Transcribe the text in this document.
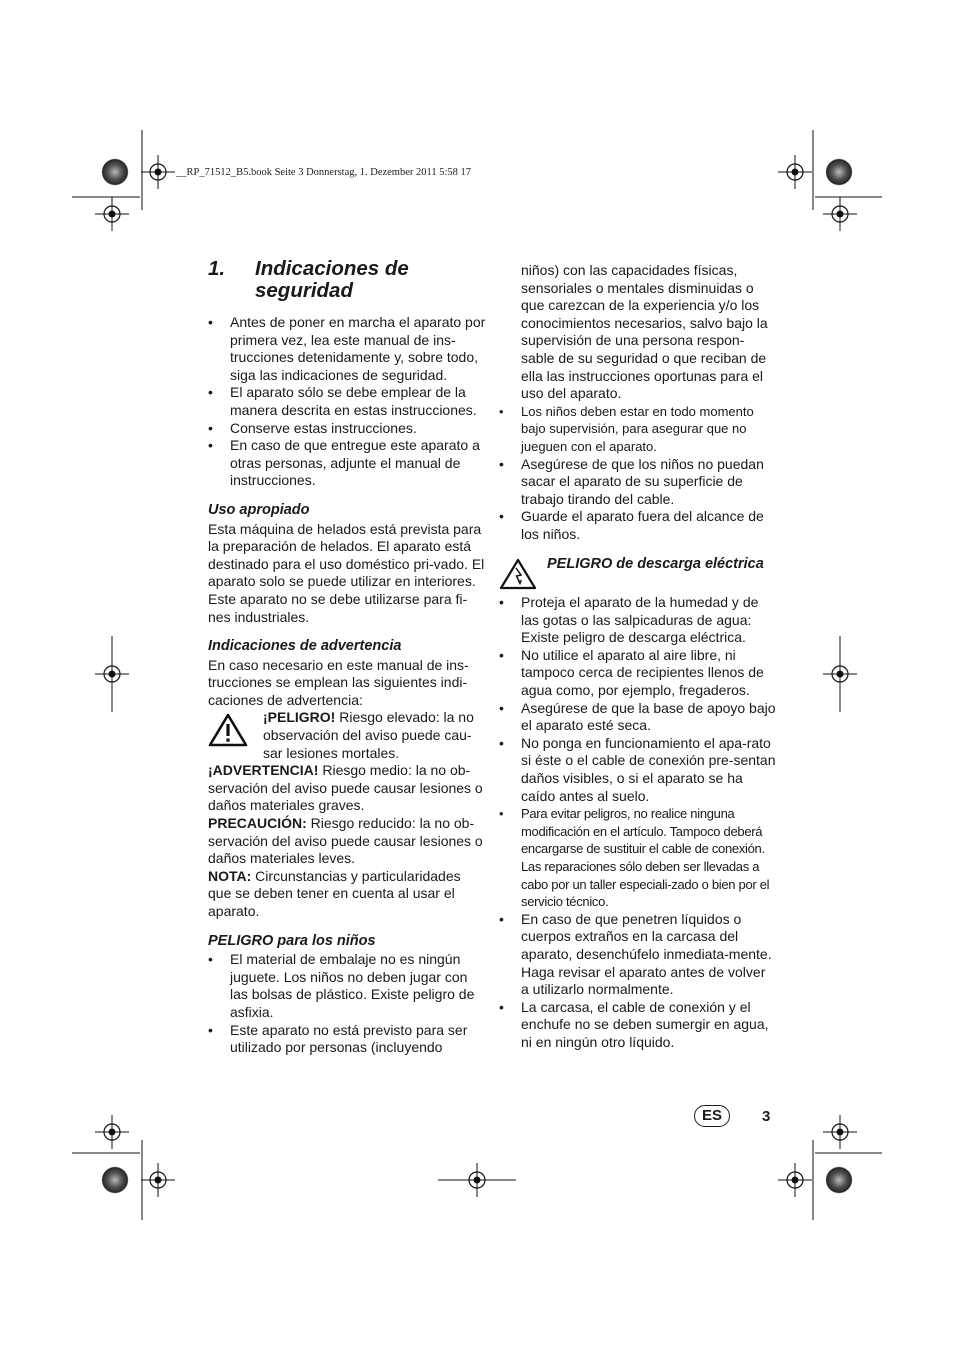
__RP_71512_B5.book Seite 3 Donnerstag, 1. Dezember 2011 5:58 17
1.	Indicaciones de seguridad
• Antes de poner en marcha el aparato por primera vez, lea este manual de ins-trucciones detenidamente y, sobre todo, siga las indicaciones de seguridad.
• El aparato sólo se debe emplear de la manera descrita en estas instrucciones.
• Conserve estas instrucciones.
• En caso de que entregue este aparato a otras personas, adjunte el manual de instrucciones.
Uso apropiado

Esta máquina de helados está prevista para la preparación de helados. El aparato está destinado para el uso doméstico pri-vado. El aparato solo se puede utilizar en interiores.

Este aparato no se debe utilizarse para fi-nes industriales.

Indicaciones de advertencia

En caso necesario en este manual de ins-trucciones se emplean las siguientes indi-caciones de advertencia:

¡PELIGRO! Riesgo elevado: la no observación del aviso puede cau-sar lesiones mortales.

¡ADVERTENCIA! Riesgo medio: la no ob-servación del aviso puede causar lesiones o daños materiales graves.

PRECAUCIÓN: Riesgo reducido: la no ob-servación del aviso puede causar lesiones o daños materiales leves.

NOTA: Circunstancias y particularidades que se deben tener en cuenta al usar el aparato.

PELIGRO para los niños
• El material de embalaje no es ningún juguete. Los niños no deben jugar con las bolsas de plástico. Existe peligro de asfixia.
• Este aparato no está previsto para ser utilizado por personas (incluyendo

niños) con las capacidades físicas, sensoriales o mentales disminuidas o que carezcan de la experiencia y/o los conocimientos necesarios, salvo bajo la supervisión de una persona respon-sable de su seguridad o que reciban de ella las instrucciones oportunas para el uso del aparato.

• Los niños deben estar en todo momento bajo supervisión, para asegurar que no jueguen con el aparato.
• Asegúrese de que los niños no puedan sacar el aparato de su superficie de trabajo tirando del cable.
• Guarde el aparato fuera del alcance de los niños.
PELIGRO de descarga eléctrica
• Proteja el aparato de la humedad y de las gotas o las salpicaduras de agua: Existe peligro de descarga eléctrica.
• No utilice el aparato al aire libre, ni tampoco cerca de recipientes llenos de agua como, por ejemplo, fregaderos.
• Asegúrese de que la base de apoyo bajo el aparato esté seca.
• No ponga en funcionamiento el apa-rato si éste o el cable de conexión pre-sentan daños visibles, o si el aparato se ha caído antes al suelo.
• Para evitar peligros, no realice ninguna modificación en el artículo. Tampoco deberá encargarse de sustituir el cable de conexión. Las reparaciones sólo deben ser llevadas a cabo por un taller especiali-zado o bien por el servicio técnico.
• En caso de que penetren líquidos o cuerpos extraños en la carcasa del aparato, desenchúfelo inmediata-mente. Haga revisar el aparato antes de volver a utilizarlo normalmente.
• La carcasa, el cable de conexión y el enchufe no se deben sumergir en agua, ni en ningún otro líquido.
ES	3
